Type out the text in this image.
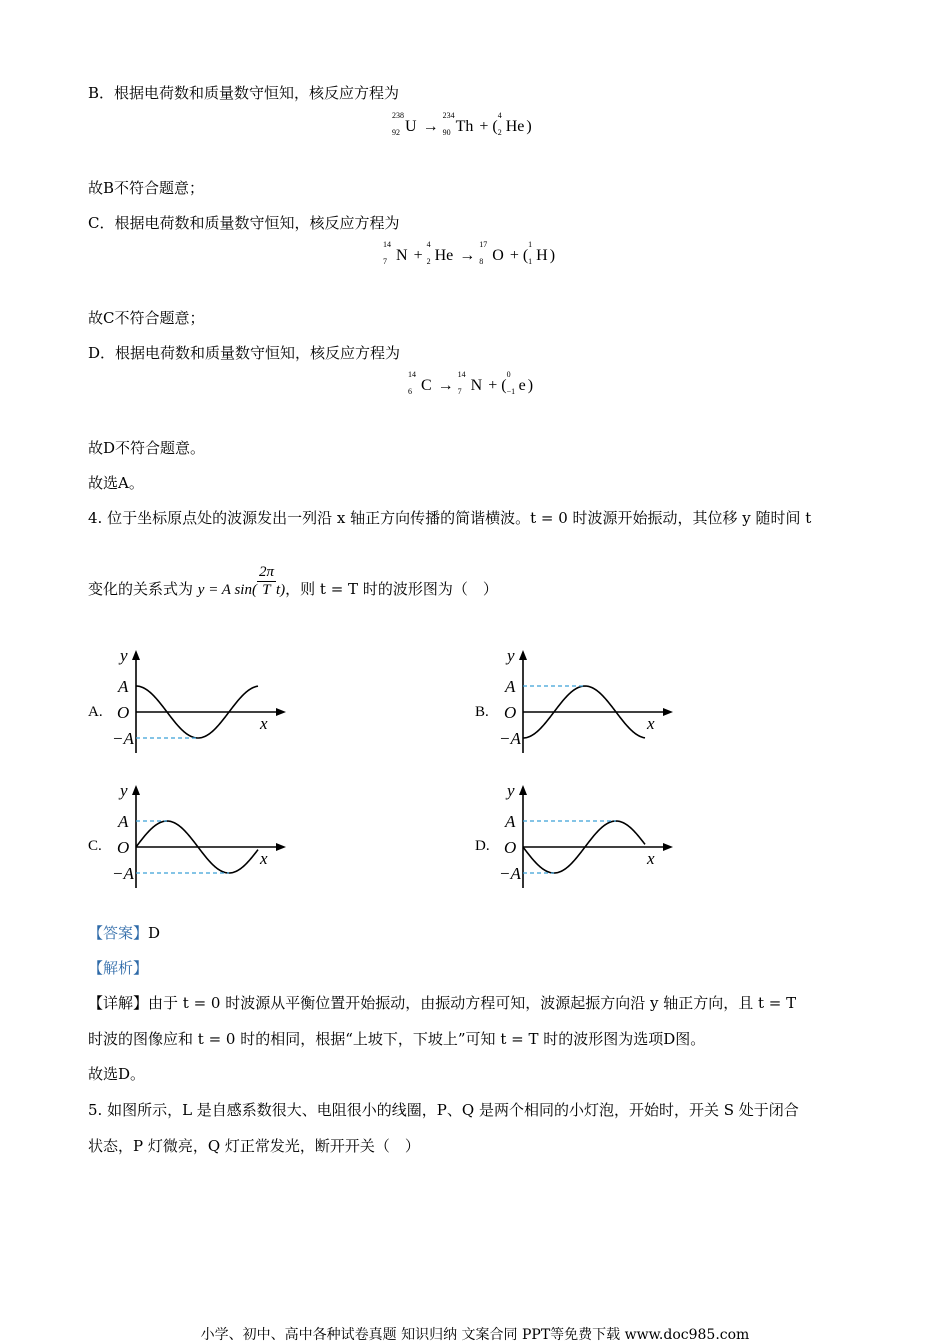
B．根据电荷数和质量数守恒知，核反应方程为
238
92 U →
234
90 Th + (
4
2 He )
故B不符合题意；
C．根据电荷数和质量数守恒知，核反应方程为
14
7 N +
4
2 He →
17
8 O + (
1
1 H )
故C不符合题意；
D．根据电荷数和质量数守恒知，核反应方程为
14
6 C →
14
7 N + (
0
−1 e )
故D不符合题意。
故选A。
4. 位于坐标原点处的波源发出一列沿 x 轴正方向传播的简谐横波。t = 0 时波源开始振动，其位移 y 随时间 t
变化的关系式为 y = A $\sin( \frac{2\pi}{T} t)$，则 t = T 时的波形图为（　）
A.
y
A
O
−A
x
B.
y
A
O
−A
x
C.
y
A
O
−A
x
D.
y
A
O
−A
x
【答案】D
【解析】
【详解】由于 t = 0 时波源从平衡位置开始振动，由振动方程可知，波源起振方向沿 y 轴正方向，且 t = T
时波的图像应和 t = 0 时的相同，根据“上坡下，下坡上”可知 t = T 时的波形图为选项D图。
故选D。
5. 如图所示，L 是自感系数很大、电阻很小的线圈，P、Q 是两个相同的小灯泡，开始时，开关 S 处于闭合
状态，P 灯微亮，Q 灯正常发光，断开开关（　）
小学、初中、高中各种试卷真题 知识归纳 文案合同 PPT等免费下载 www.doc985.com
